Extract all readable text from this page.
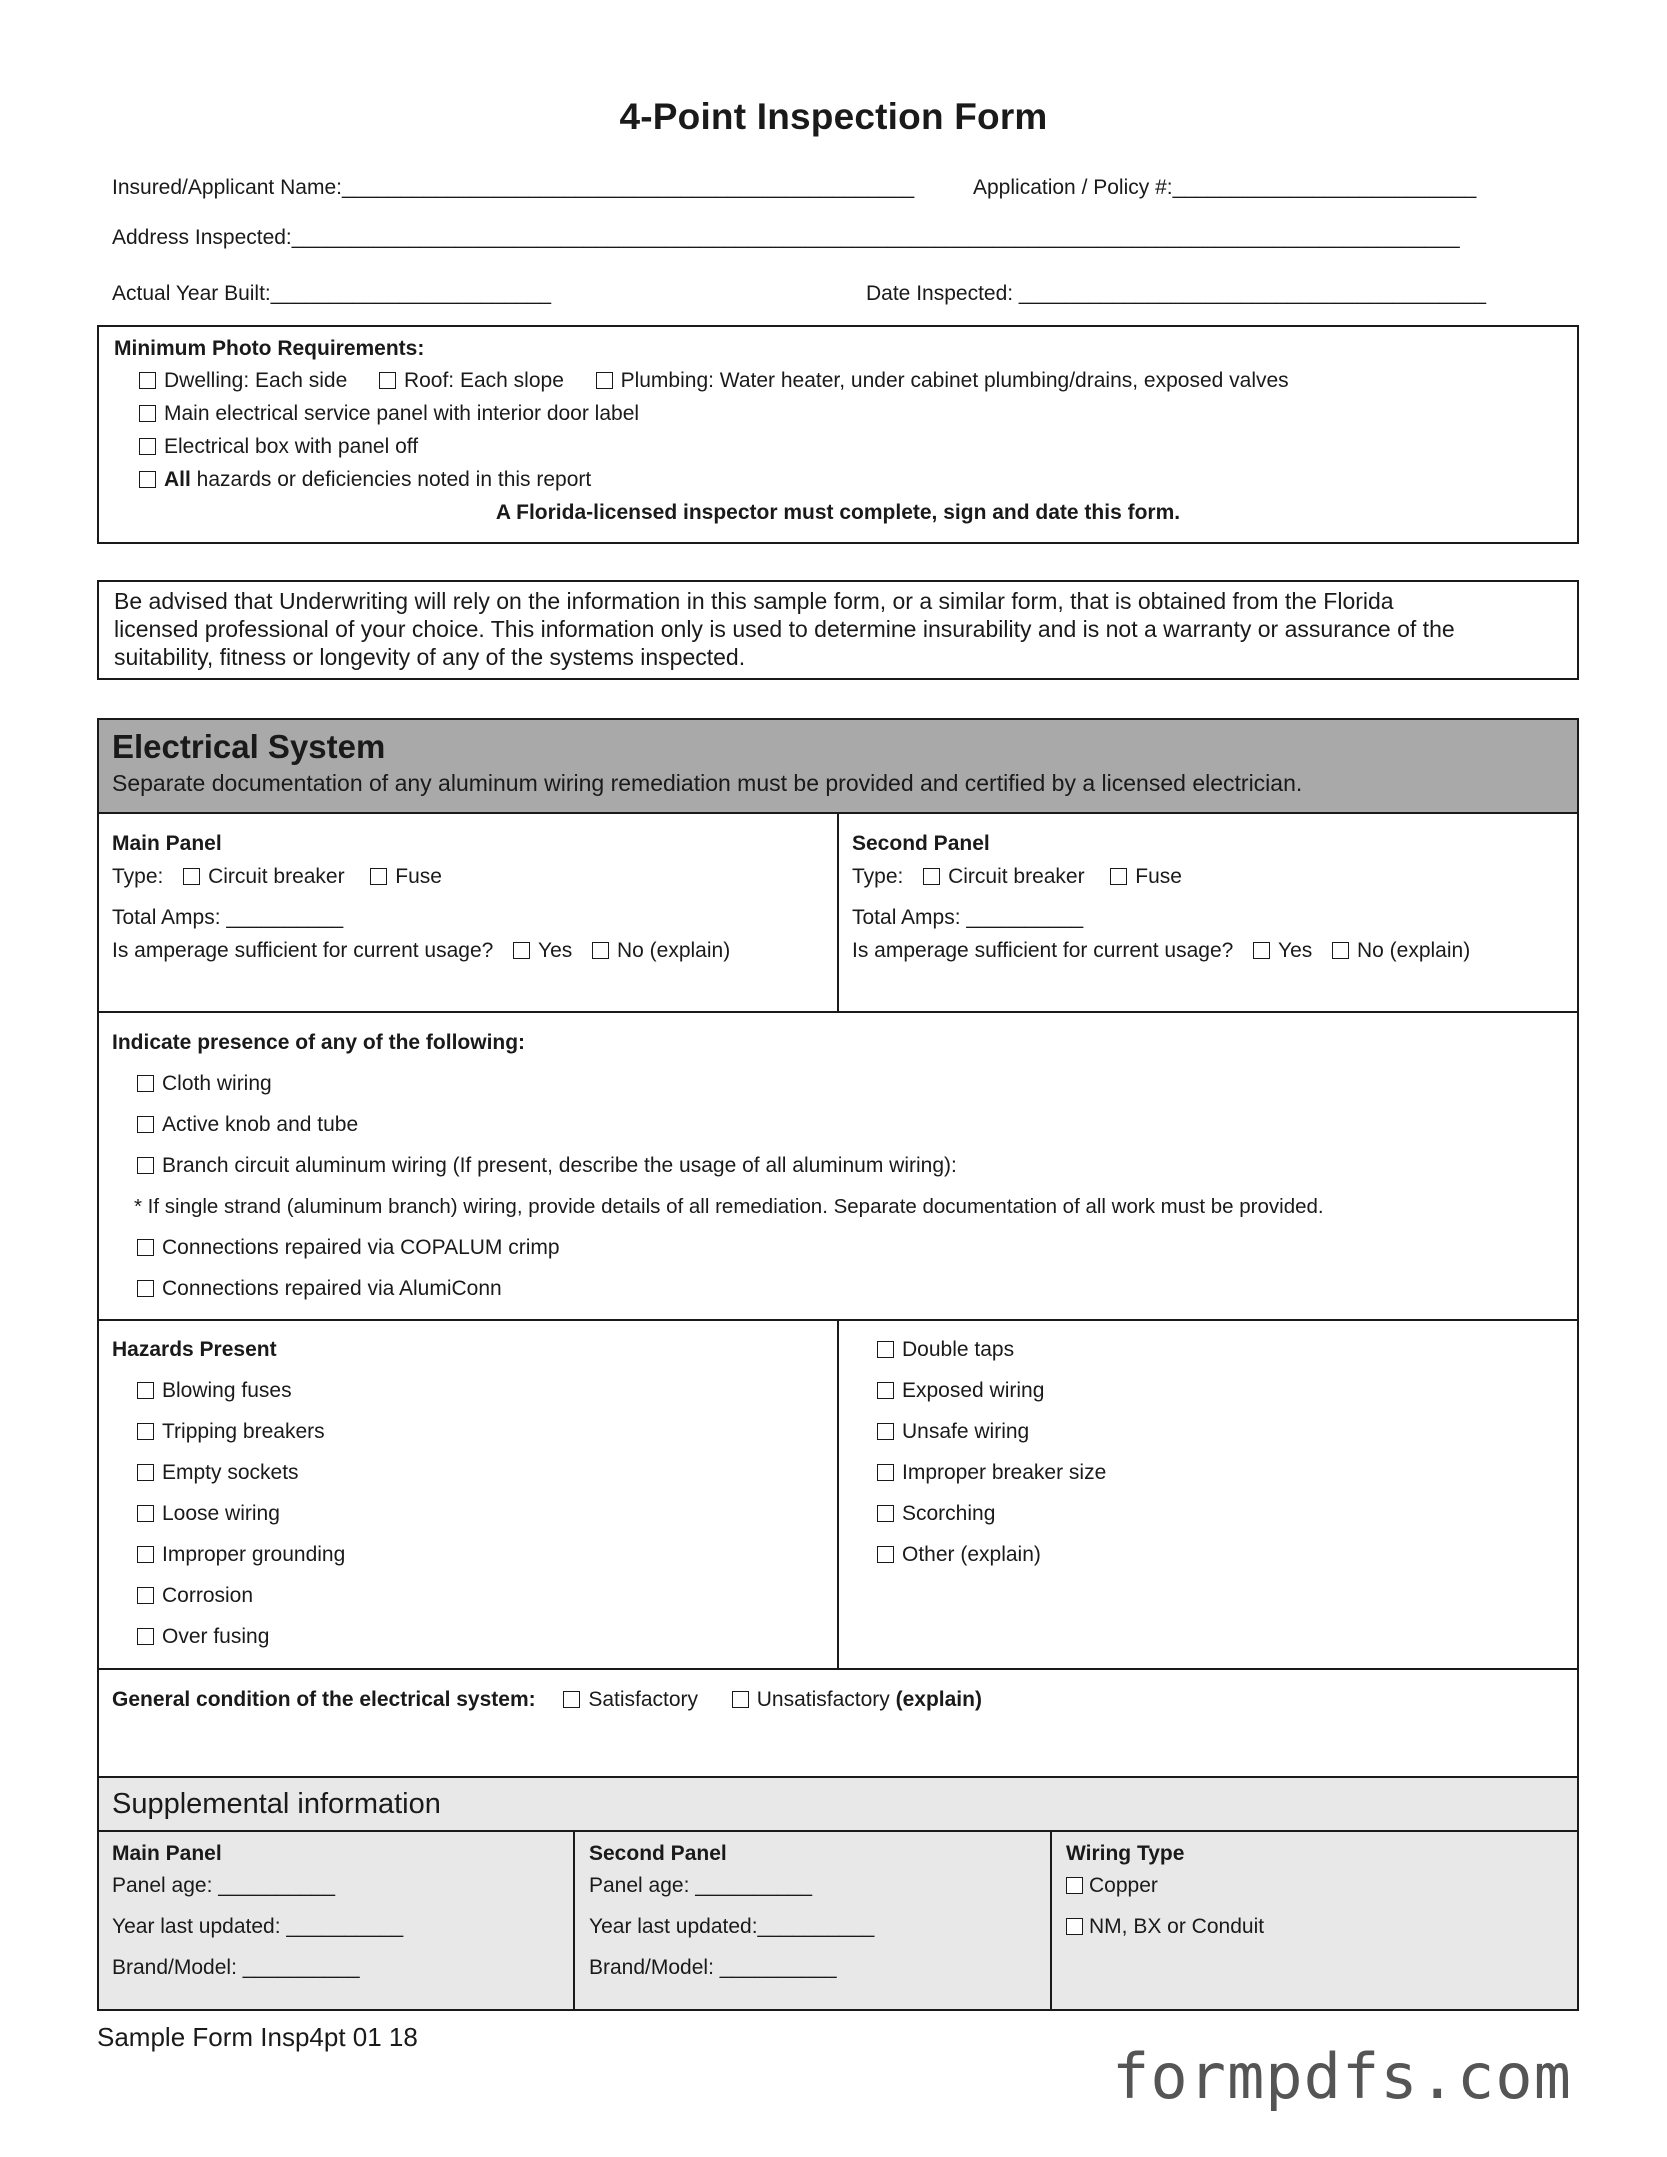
4-Point Inspection Form
Insured/Applicant Name:_________________________________________________	Application / Policy #:__________________________
Address Inspected:____________________________________________________________________________________________________
Actual Year Built:________________________	Date Inspected: ________________________________________
Minimum Photo Requirements:
Dwelling: Each side	Roof: Each slope	Plumbing: Water heater, under cabinet plumbing/drains, exposed valves
Main electrical service panel with interior door label
Electrical box with panel off
All hazards or deficiencies noted in this report
A Florida-licensed inspector must complete, sign and date this form.
Be advised that Underwriting will rely on the information in this sample form, or a similar form, that is obtained from the Florida
licensed professional of your choice. This information only is used to determine insurability and is not a warranty or assurance of the
suitability, fitness or longevity of any of the systems inspected.
Electrical System
Separate documentation of any aluminum wiring remediation must be provided and certified by a licensed electrician.
Main Panel
Type: Circuit breaker Fuse
Total Amps: __________
Is amperage sufficient for current usage? Yes No (explain)
Second Panel
Type: Circuit breaker Fuse
Total Amps: __________
Is amperage sufficient for current usage? Yes No (explain)
Indicate presence of any of the following:
Cloth wiring
Active knob and tube
Branch circuit aluminum wiring (If present, describe the usage of all aluminum wiring):
* If single strand (aluminum branch) wiring, provide details of all remediation. Separate documentation of all work must be provided.
Connections repaired via COPALUM crimp
Connections repaired via AlumiConn
Hazards Present
Blowing fuses
Tripping breakers
Empty sockets
Loose wiring
Improper grounding
Corrosion
Over fusing
Double taps
Exposed wiring
Unsafe wiring
Improper breaker size
Scorching
Other (explain)
General condition of the electrical system:	Satisfactory	Unsatisfactory (explain)
Supplemental information
Main Panel
Panel age: __________
Year last updated: __________
Brand/Model: __________
Second Panel
Panel age: __________
Year last updated:__________
Brand/Model: __________
Wiring Type
Copper
NM, BX or Conduit
Sample Form Insp4pt 01 18
formpdfs.com
